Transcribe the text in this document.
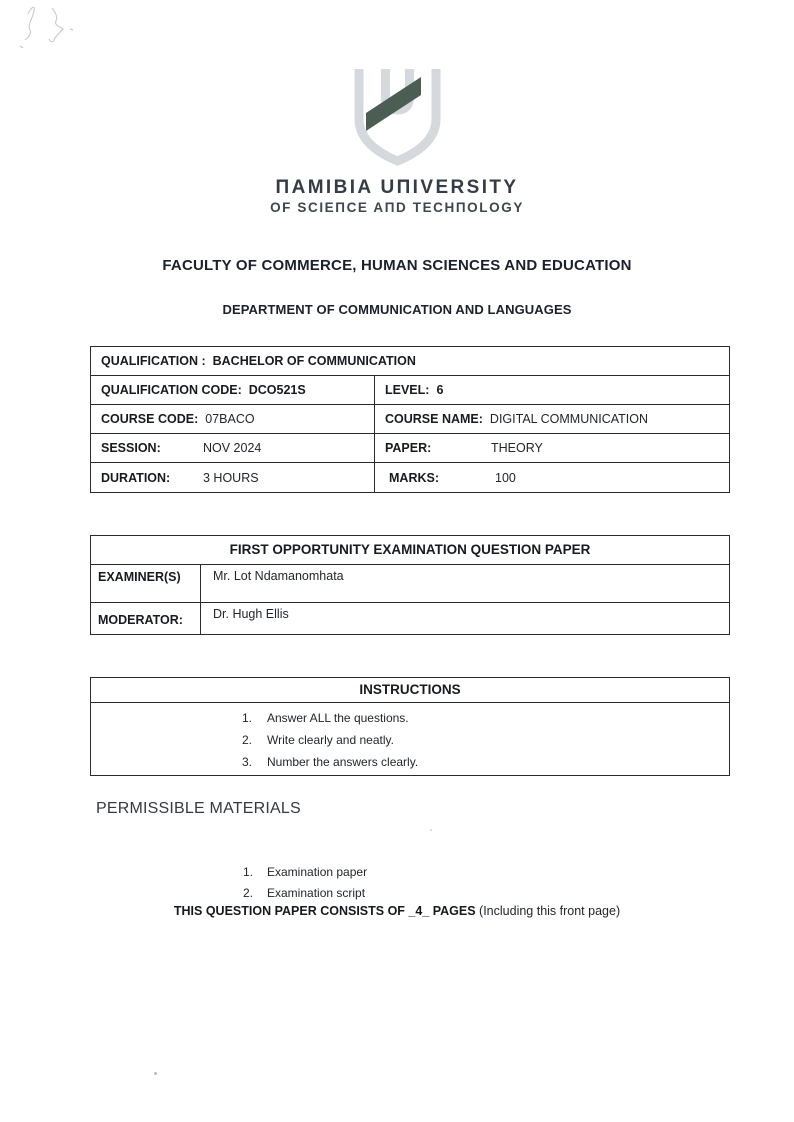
ПAMIBIA UПIVERSITY
OF SCIEПCE AПD TECHПOLOGY
FACULTY OF COMMERCE, HUMAN SCIENCES AND EDUCATION
DEPARTMENT OF COMMUNICATION AND LANGUAGES
QUALIFICATION : BACHELOR OF COMMUNICATION
QUALIFICATION CODE: DCO521S	LEVEL: 6
COURSE CODE: 07BACO	COURSE NAME: DIGITAL COMMUNICATION
SESSION:	NOV 2024	PAPER:	THEORY
DURATION:	3 HOURS	MARKS:	100
FIRST OPPORTUNITY EXAMINATION QUESTION PAPER
EXAMINER(S)	Mr. Lot Ndamanomhata
MODERATOR:	Dr. Hugh Ellis
INSTRUCTIONS
1.	Answer ALL the questions.
2.	Write clearly and neatly.
3.	Number the answers clearly.
PERMISSIBLE MATERIALS
1.	Examination paper
2.	Examination script
THIS QUESTION PAPER CONSISTS OF _4_ PAGES (Including this front page)
